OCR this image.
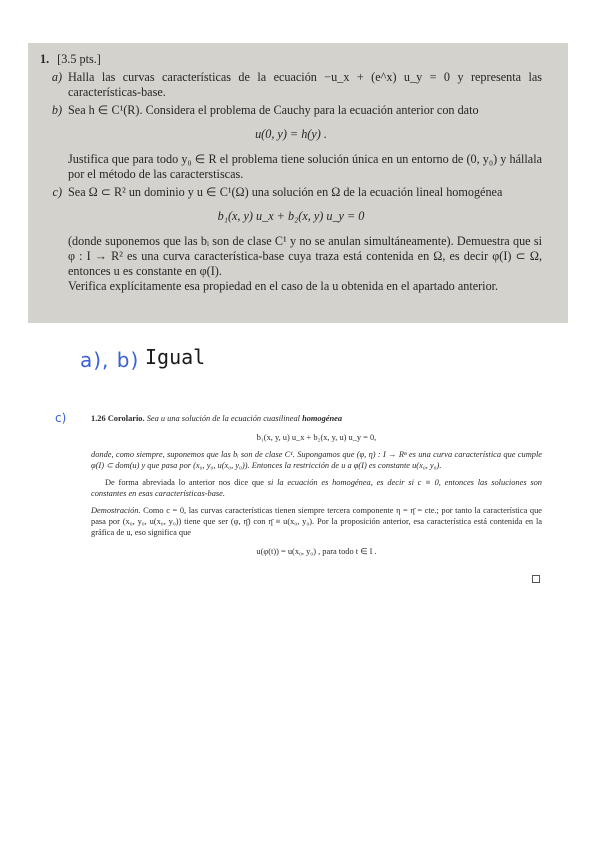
1. [3.5 pts.]
a) Halla las curvas características de la ecuación −u_x + (e^x) u_y = 0 y representa las características-base.
b) Sea h ∈ C¹(R). Considera el problema de Cauchy para la ecuación anterior con dato
u(0, y) = h(y) .
Justifica que para todo y₀ ∈ R el problema tiene solución única en un entorno de (0, y₀) y hállala por el método de las caracterstiscas.
c) Sea Ω ⊂ R² un dominio y u ∈ C¹(Ω) una solución en Ω de la ecuación lineal homogénea
b₁(x, y) u_x + b₂(x, y) u_y = 0
(donde suponemos que las bᵢ son de clase C¹ y no se anulan simultáneamente). Demuestra que si φ : I → R² es una curva característica-base cuya traza está contenida en Ω, es decir φ(I) ⊂ Ω, entonces u es constante en φ(I).
Verifica explícitamente esa propiedad en el caso de la u obtenida en el apartado anterior.
a), b) Igual
c)	1.26 Corolario. Sea u una solución de la ecuación cuasilineal homogénea

b₁(x, y, u) u_x + b₂(x, y, u) u_y = 0,

donde, como siempre, suponemos que las bᵢ son de clase C¹. Supongamos que (φ, η) : I → Rⁿ es una curva característica que cumple φ(I) ⊂ dom(u) y que pasa por (x₀, y₀, u(x₀, y₀)). Entonces la restricción de u a φ(I) es constante u(x₀, y₀).

De forma abreviada lo anterior nos dice que si la ecuación es homogénea, es decir si c ≡ 0, entonces las soluciones son constantes en esas características-base.

Demostración. Como c = 0, las curvas características tienen siempre tercera componente η = η̄ = cte.; por tanto la característica que pasa por (x₀, y₀, u(x₀, y₀)) tiene que ser (φ, η̄) con η̄ ≡ u(x₀, y₀). Por la proposición anterior, esa característica está contenida en la gráfica de u, eso significa que

u(φ(t)) = u(x₀, y₀) , para todo t ∈ I .
